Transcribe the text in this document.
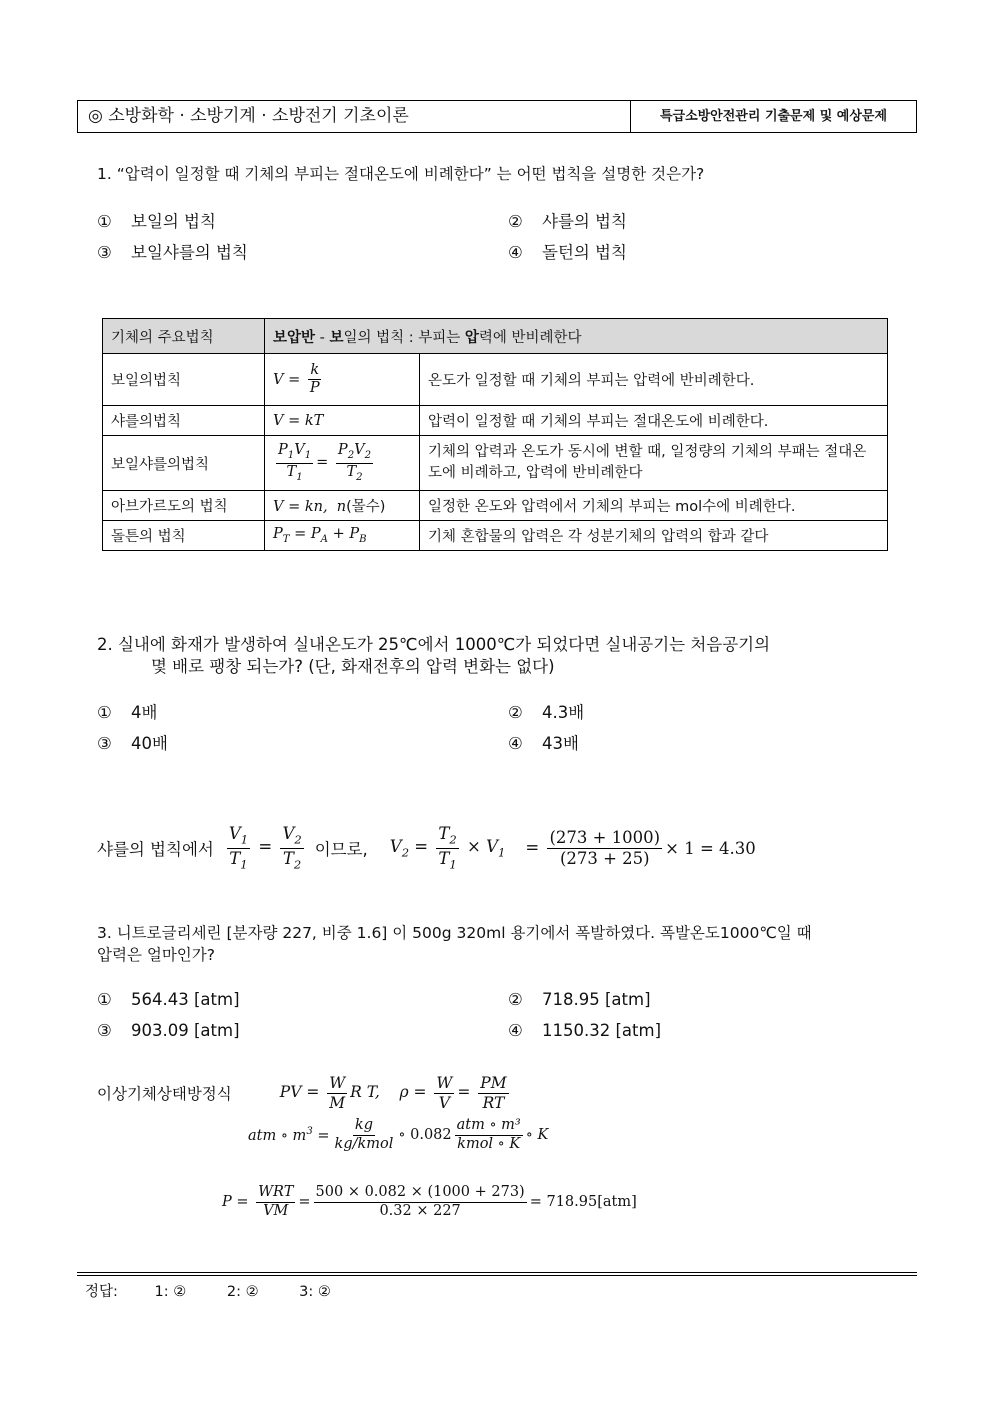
◎ 소방화학 · 소방기계 · 소방전기 기초이론	특급소방안전관리 기출문제 및 예상문제
1. “압력이 일정할 때 기체의 부피는 절대온도에 비례한다” 는 어떤 법칙을 설명한 것은가?
① 보일의 법칙	② 샤를의 법칙
③ 보일샤를의 법칙	④ 돌턴의 법칙
기체의 주요법칙	보압반 - 보일의 법칙 : 부피는 압력에 반비례한다	
보일의법칙	$V = \frac{k}{P}$	온도가 일정할 때 기체의 부피는 압력에 반비례한다.
샤를의법칙	V = kT	압력이 일정할 때 기체의 부피는 절대온도에 비례한다.
보일샤를의법칙	$\frac{P_1V_1}{T_1} = \frac{P_2V_2}{T_2}$	기체의 압력과 온도가 동시에 변할 때, 일정량의 기체의 부패는 절대온도에 비례하고, 압력에 반비례한다
아브가르도의 법칙	V = kn,  n(몰수)	일정한 온도와 압력에서 기체의 부피는 mol수에 비례한다.
돌튼의 법칙	$P_T = P_A + P_B$	기체 혼합물의 압력은 각 성분기체의 압력의 합과 같다
2. 실내에 화재가 발생하여 실내온도가 25℃에서 1000℃가 되었다면 실내공기는 처음공기의
몇 배로 팽창 되는가? (단, 화재전후의 압력 변화는 없다)
① 4배	② 4.3배
③ 40배	④ 43배
샤를의 법칙에서 $\frac{V_1}{T_1} = \frac{V_2}{T_2}$ 이므로, $V_2 = \frac{T_2}{T_1} \times V_1 = \frac{(273 + 1000)}{(273 + 25)} \times 1 = 4.30$
3. 니트로글리세린 [분자량 227, 비중 1.6] 이 500g 320ml 용기에서 폭발하였다. 폭발온도1000℃일 때
압력은 얼마인가?
① 564.43 [atm]	② 718.95 [atm]
③ 903.09 [atm]	④ 1150.32 [atm]
이상기체상태방정식	PV = $\frac{W}{M}$ R T,    $\rho = \frac{W}{V} = \frac{PM}{RT}$
atm ∘ $m^3 = \frac{kg}{\text{kg/kmol}}$ ∘ $0.082 \frac{\text{atm ∘ m³}}{\text{kmol ∘ K}}$ ∘ K
$P = \frac{\text{WRT}}{VM} = \frac{500 \times 0.082 \times (1000 + 273)}{0.32 \times 227} = 718.95[atm]$
정답:	1: ②	2: ②	3: ②
